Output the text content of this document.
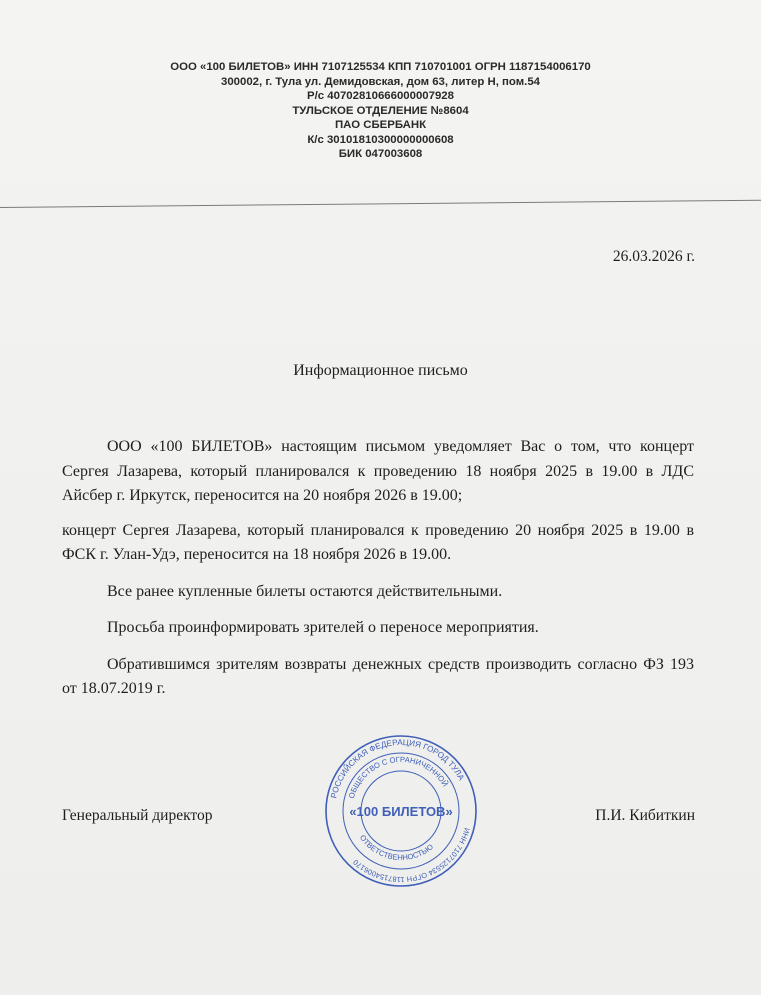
ООО «100 БИЛЕТОВ» ИНН 7107125534 КПП 710701001 ОГРН 1187154006170
300002, г. Тула ул. Демидовская, дом 63, литер Н, пом.54
Р/с 40702810666000007928
ТУЛЬСКОЕ ОТДЕЛЕНИЕ №8604
ПАО СБЕРБАНК
К/с 30101810300000000608
БИК 047003608
26.03.2026 г.
Информационное письмо

ООО «100 БИЛЕТОВ» настоящим письмом уведомляет Вас о том, что концерт Сергея Лазарева, который планировался к проведению 18 ноября 2025 в 19.00 в ЛДС Айсбер г. Иркутск, переносится на 20 ноября 2026 в 19.00;

концерт Сергея Лазарева, который планировался к проведению 20 ноября 2025 в 19.00 в ФСК г. Улан-Удэ, переносится на 18 ноября 2026 в 19.00.

Все ранее купленные билеты остаются действительными.

Просьба проинформировать зрителей о переносе мероприятия.

Обратившимся зрителям возвраты денежных средств производить согласно ФЗ 193 от 18.07.2019 г.

Генеральный директор	П.И. Кибиткин
РОССИЙСКАЯ ФЕДЕРАЦИЯ ГОРОД ТУЛА
ИНН 7107125534 ОГРН 1187154006170
ОБЩЕСТВО С ОГРАНИЧЕННОЙ
ОТВЕТСТВЕННОСТЬЮ
«100 БИЛЕТОВ»
